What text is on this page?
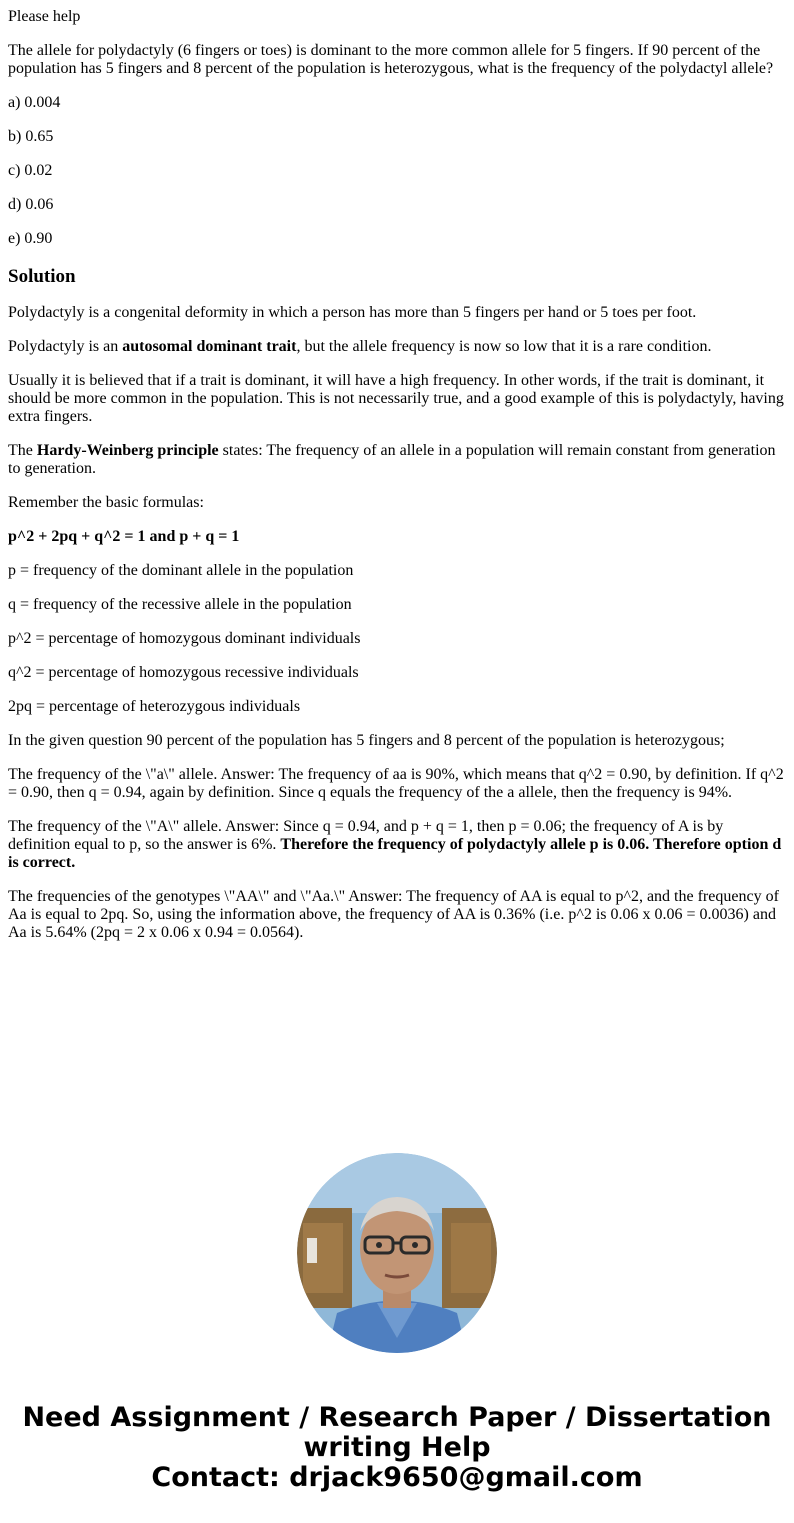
Please help

The allele for polydactyly (6 fingers or toes) is dominant to the more common allele for 5 fingers. If 90 percent of the population has 5 fingers and 8 percent of the population is heterozygous, what is the frequency of the polydactyl allele?

a) 0.004

b) 0.65

c) 0.02

d) 0.06

e) 0.90

Solution

Polydactyly is a congenital deformity in which a person has more than 5 fingers per hand or 5 toes per foot.

Polydactyly is an autosomal dominant trait, but the allele frequency is now so low that it is a rare condition.

Usually it is believed that if a trait is dominant, it will have a high frequency. In other words, if the trait is dominant, it should be more common in the population. This is not necessarily true, and a good example of this is polydactyly, having extra fingers.

The Hardy-Weinberg principle states: The frequency of an allele in a population will remain constant from generation to generation.

Remember the basic formulas:

p^2 + 2pq + q^2 = 1 and p + q = 1

p = frequency of the dominant allele in the population

q = frequency of the recessive allele in the population

p^2 = percentage of homozygous dominant individuals

q^2 = percentage of homozygous recessive individuals

2pq = percentage of heterozygous individuals

In the given question 90 percent of the population has 5 fingers and 8 percent of the population is heterozygous;

The frequency of the \"a\" allele. Answer: The frequency of aa is 90%, which means that q^2 = 0.90, by definition. If q^2 = 0.90, then q = 0.94, again by definition. Since q equals the frequency of the a allele, then the frequency is 94%.

The frequency of the \"A\" allele. Answer: Since q = 0.94, and p + q = 1, then p = 0.06; the frequency of A is by definition equal to p, so the answer is 6%. Therefore the frequency of polydactyly allele p is 0.06. Therefore option d is correct.

The frequencies of the genotypes \"AA\" and \"Aa.\" Answer: The frequency of AA is equal to p^2, and the frequency of Aa is equal to 2pq. So, using the information above, the frequency of AA is 0.36% (i.e. p^2 is 0.06 x 0.06 = 0.0036) and Aa is 5.64% (2pq = 2 x 0.06 x 0.94 = 0.0564).

Need Assignment / Research Paper / Dissertation
writing Help
Contact: drjack9650@gmail.com
